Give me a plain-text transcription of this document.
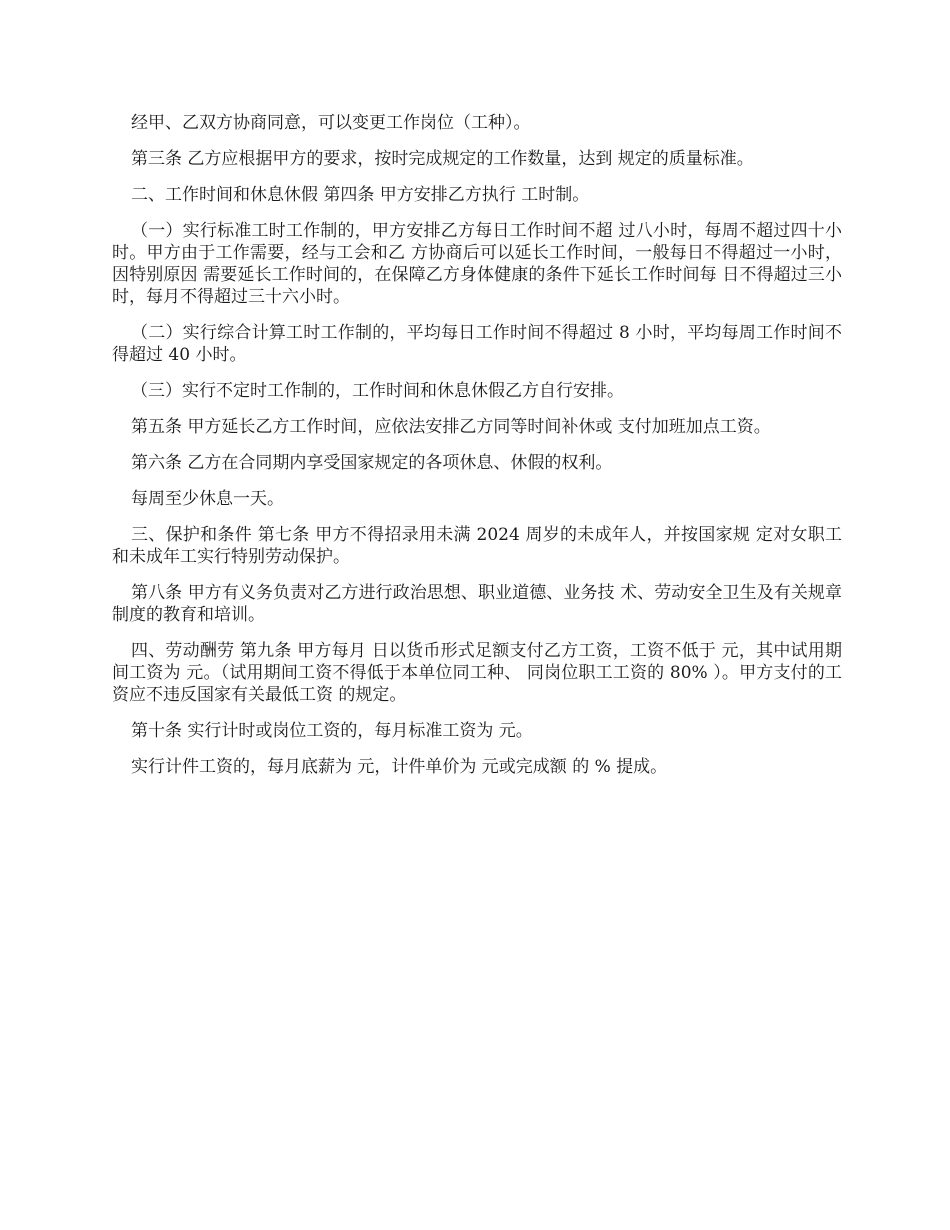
经甲、乙双方协商同意，可以变更工作岗位（工种）。

第三条 乙方应根据甲方的要求，按时完成规定的工作数量，达到 规定的质量标准。

二、工作时间和休息休假 第四条 甲方安排乙方执行 工时制。

（一）实行标准工时工作制的，甲方安排乙方每日工作时间不超 过八小时，每周不超过四十小时。甲方由于工作需要，经与工会和乙 方协商后可以延长工作时间，一般每日不得超过一小时，因特别原因 需要延长工作时间的，在保障乙方身体健康的条件下延长工作时间每 日不得超过三小时，每月不得超过三十六小时。

（二）实行综合计算工时工作制的，平均每日工作时间不得超过 8 小时，平均每周工作时间不得超过 40 小时。

（三）实行不定时工作制的，工作时间和休息休假乙方自行安排。

第五条 甲方延长乙方工作时间，应依法安排乙方同等时间补休或 支付加班加点工资。

第六条 乙方在合同期内享受国家规定的各项休息、休假的权利。

每周至少休息一天。

三、保护和条件 第七条 甲方不得招录用未满 2024 周岁的未成年人，并按国家规 定对女职工和未成年工实行特别劳动保护。

第八条 甲方有义务负责对乙方进行政治思想、职业道德、业务技 术、劳动安全卫生及有关规章制度的教育和培训。

四、劳动酬劳 第九条 甲方每月 日以货币形式足额支付乙方工资，工资不低于 元，其中试用期间工资为 元。（试用期间工资不得低于本单位同工种、 同岗位职工工资的 80% ）。甲方支付的工资应不违反国家有关最低工资 的规定。

第十条 实行计时或岗位工资的，每月标准工资为 元。

实行计件工资的，每月底薪为 元，计件单价为 元或完成额 的 % 提成。
